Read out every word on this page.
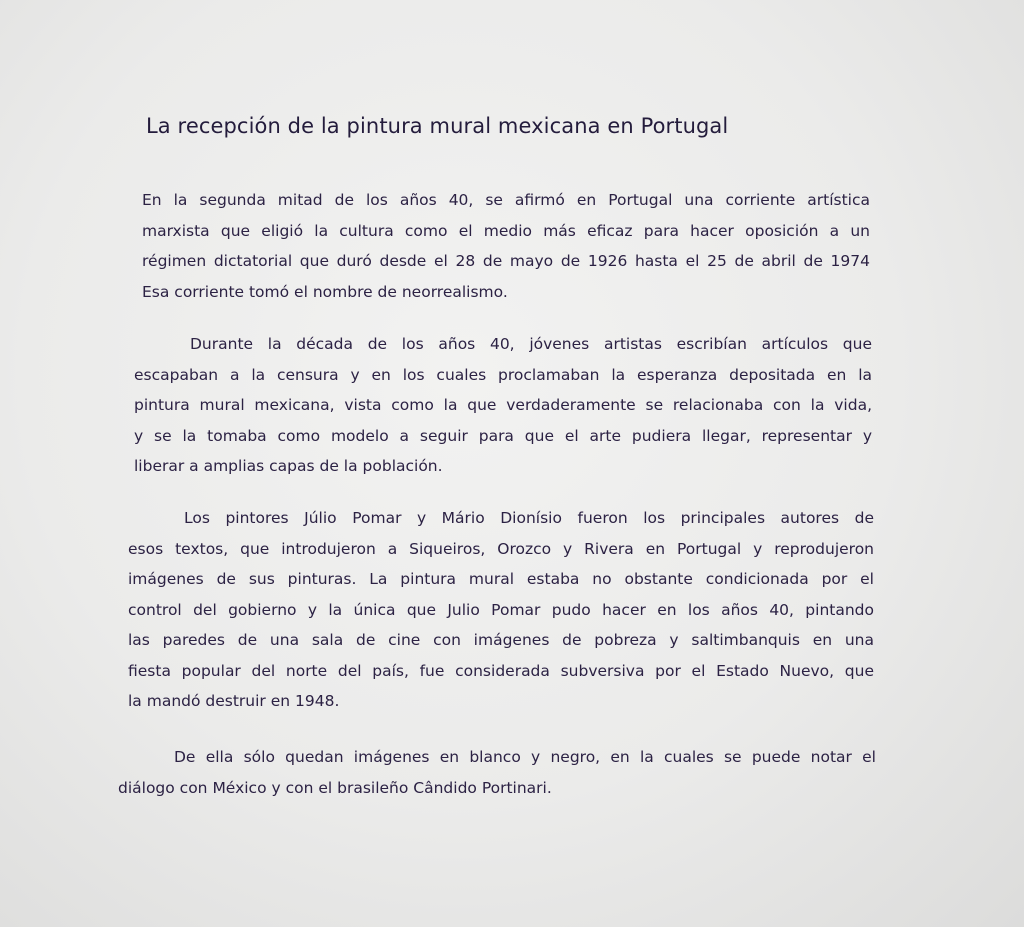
La recepción de la pintura mural mexicana en Portugal

En la segunda mitad de los años 40, se afirmó en Portugal una corriente artística
marxista que eligió la cultura como el medio más eficaz para hacer oposición a un
régimen dictatorial que duró desde el 28 de mayo de 1926 hasta el 25 de abril de 1974
Esa corriente tomó el nombre de neorrealismo.

Durante la década de los años 40, jóvenes artistas escribían artículos que
escapaban a la censura y en los cuales proclamaban la esperanza depositada en la
pintura mural mexicana, vista como la que verdaderamente se relacionaba con la vida,
y se la tomaba como modelo a seguir para que el arte pudiera llegar, representar y
liberar a amplias capas de la población.

Los pintores Júlio Pomar y Mário Dionísio fueron los principales autores de
esos textos, que introdujeron a Siqueiros, Orozco y Rivera en Portugal y reprodujeron
imágenes de sus pinturas. La pintura mural estaba no obstante condicionada por el
control del gobierno y la única que Julio Pomar pudo hacer en los años 40, pintando
las paredes de una sala de cine con imágenes de pobreza y saltimbanquis en una
fiesta popular del norte del país, fue considerada subversiva por el Estado Nuevo, que
la mandó destruir en 1948.

De ella sólo quedan imágenes en blanco y negro, en la cuales se puede notar el
diálogo con México y con el brasileño Cândido Portinari.
